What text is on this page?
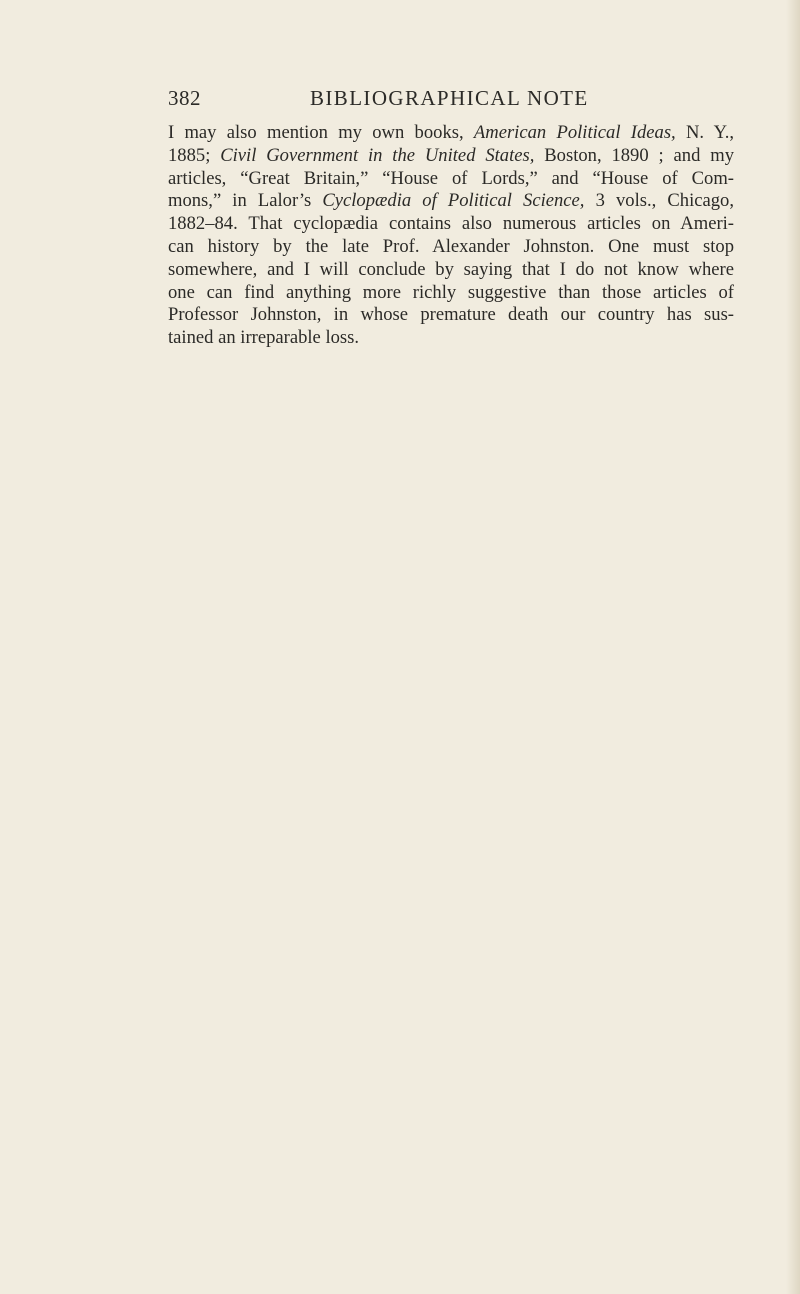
382	BIBLIOGRAPHICAL NOTE
I may also mention my own books, American Political Ideas, N. Y.,
1885; Civil Government in the United States, Boston, 1890 ; and my
articles, “Great Britain,” “House of Lords,” and “House of Com-
mons,” in Lalor’s Cyclopædia of Political Science, 3 vols., Chicago,
1882–84. That cyclopædia contains also numerous articles on Ameri-
can history by the late Prof. Alexander Johnston. One must stop
somewhere, and I will conclude by saying that I do not know where
one can find anything more richly suggestive than those articles of
Professor Johnston, in whose premature death our country has sus-
tained an irreparable loss.
